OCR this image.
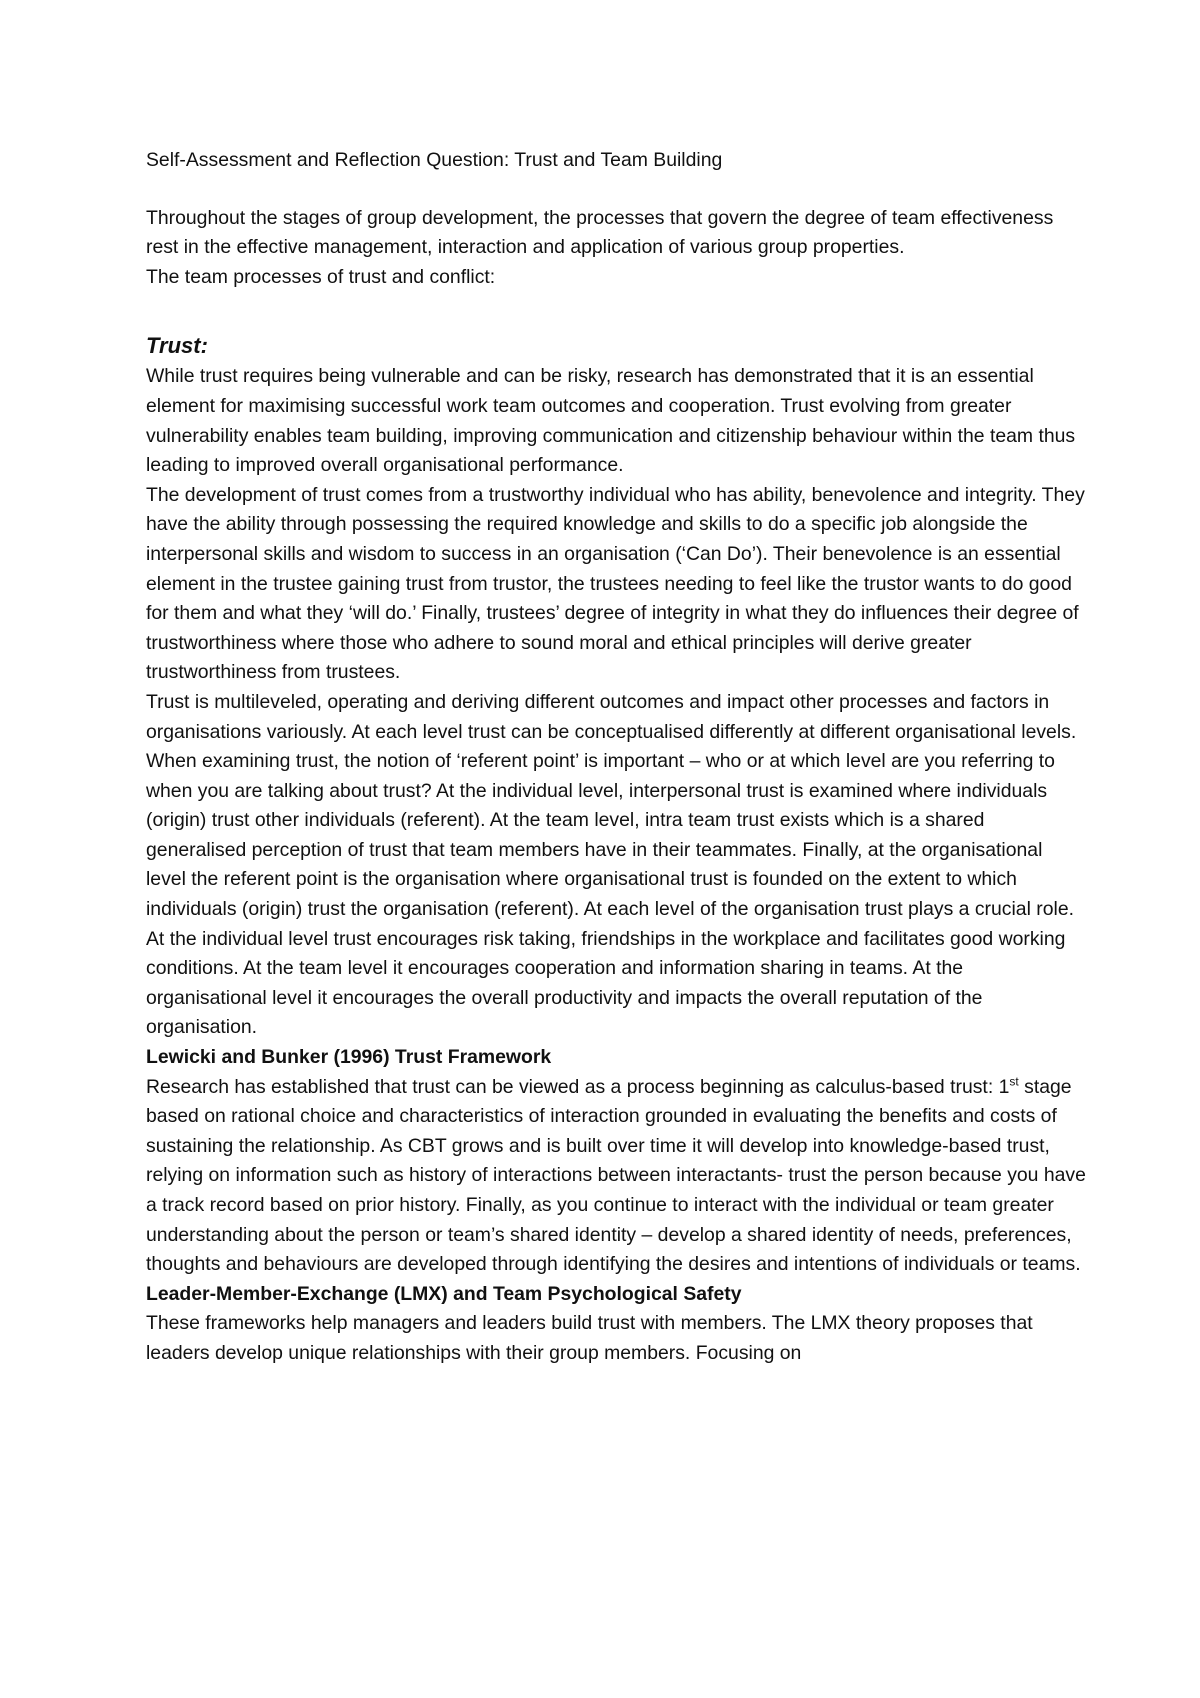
Self-Assessment and Reflection Question: Trust and Team Building

Throughout the stages of group development, the processes that govern the degree of team effectiveness rest in the effective management, interaction and application of various group properties.

The team processes of trust and conflict:

Trust:

While trust requires being vulnerable and can be risky, research has demonstrated that it is an essential element for maximising successful work team outcomes and cooperation. Trust evolving from greater vulnerability enables team building, improving communication and citizenship behaviour within the team thus leading to improved overall organisational performance.

The development of trust comes from a trustworthy individual who has ability, benevolence and integrity. They have the ability through possessing the required knowledge and skills to do a specific job alongside the interpersonal skills and wisdom to success in an organisation (‘Can Do’). Their benevolence is an essential element in the trustee gaining trust from trustor, the trustees needing to feel like the trustor wants to do good for them and what they ‘will do.’ Finally, trustees’ degree of integrity in what they do influences their degree of trustworthiness where those who adhere to sound moral and ethical principles will derive greater trustworthiness from trustees.

Trust is multileveled, operating and deriving different outcomes and impact other processes and factors in organisations variously. At each level trust can be conceptualised differently at different organisational levels. When examining trust, the notion of ‘referent point’ is important – who or at which level are you referring to when you are talking about trust? At the individual level, interpersonal trust is examined where individuals (origin) trust other individuals (referent). At the team level, intra team trust exists which is a shared generalised perception of trust that team members have in their teammates. Finally, at the organisational level the referent point is the organisation where organisational trust is founded on the extent to which individuals (origin) trust the organisation (referent). At each level of the organisation trust plays a crucial role. At the individual level trust encourages risk taking, friendships in the workplace and facilitates good working conditions. At the team level it encourages cooperation and information sharing in teams. At the organisational level it encourages the overall productivity and impacts the overall reputation of the organisation.

Lewicki and Bunker (1996) Trust Framework

Research has established that trust can be viewed as a process beginning as calculus-based trust: 1st stage based on rational choice and characteristics of interaction grounded in evaluating the benefits and costs of sustaining the relationship. As CBT grows and is built over time it will develop into knowledge-based trust, relying on information such as history of interactions between interactants- trust the person because you have a track record based on prior history. Finally, as you continue to interact with the individual or team greater understanding about the person or team’s shared identity – develop a shared identity of needs, preferences, thoughts and behaviours are developed through identifying the desires and intentions of individuals or teams.

Leader-Member-Exchange (LMX) and Team Psychological Safety

These frameworks help managers and leaders build trust with members. The LMX theory proposes that leaders develop unique relationships with their group members. Focusing on
